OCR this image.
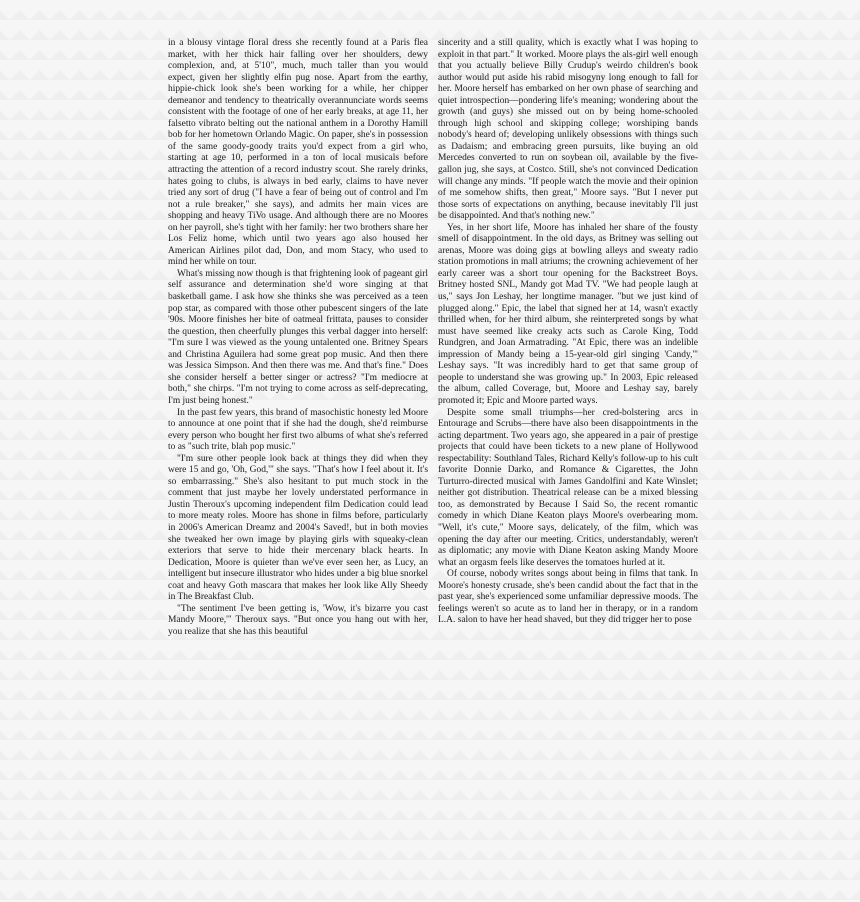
in a blousy vintage floral dress she recently found at a Paris flea market, with her thick hair falling over her shoulders, dewy complexion, and, at 5'10", much, much taller than you would expect, given her slightly elfin pug nose. Apart from the earthy, hippie-chick look she's been working for a while, her chipper demeanor and tendency to theatrically overannunciate words seems consistent with the footage of one of her early breaks, at age 11, her falsetto vibrato belting out the national anthem in a Dorothy Hamill bob for her hometown Orlando Magic. On paper, she's in possession of the same goody-goody traits you'd expect from a girl who, starting at age 10, performed in a ton of local musicals before attracting the attention of a record industry scout. She rarely drinks, hates going to clubs, is always in bed early, claims to have never tried any sort of drug ("I have a fear of being out of control and I'm not a rule breaker," she says), and admits her main vices are shopping and heavy TiVo usage. And although there are no Moores on her payroll, she's tight with her family: her two brothers share her Los Feliz home, which until two years ago also housed her American Airlines pilot dad, Don, and mom Stacy, who used to mind her while on tour.

What's missing now though is that frightening look of pageant girl self assurance and determination she'd wore singing at that basketball game. I ask how she thinks she was perceived as a teen pop star, as compared with those other pubescent singers of the late '90s. Moore finishes her bite of oatmeal frittata, pauses to consider the question, then cheerfully plunges this verbal dagger into herself: "I'm sure I was viewed as the young untalented one. Britney Spears and Christina Aguilera had some great pop music. And then there was Jessica Simpson. And then there was me. And that's fine." Does she consider herself a better singer or actress? "I'm mediocre at both," she chirps. "I'm not trying to come across as self-deprecating, I'm just being honest."

In the past few years, this brand of masochistic honesty led Moore to announce at one point that if she had the dough, she'd reimburse every person who bought her first two albums of what she's referred to as "such trite, blah pop music."

"I'm sure other people look back at things they did when they were 15 and go, 'Oh, God,'" she says. "That's how I feel about it. It's so embarrassing." She's also hesitant to put much stock in the comment that just maybe her lovely understated performance in Justin Theroux's upcoming independent film Dedication could lead to more meaty roles. Moore has shone in films before, particularly in 2006's American Dreamz and 2004's Saved!, but in both movies she tweaked her own image by playing girls with squeaky-clean exteriors that serve to hide their mercenary black hearts. In Dedication, Moore is quieter than we've ever seen her, as Lucy, an intelligent but insecure illustrator who hides under a big blue snorkel coat and heavy Goth mascara that makes her look like Ally Sheedy in The Breakfast Club.

"The sentiment I've been getting is, 'Wow, it's bizarre you cast Mandy Moore,'" Theroux says. "But once you hang out with her, you realize that she has this beautiful

sincerity and a still quality, which is exactly what I was hoping to exploit in that part." It worked. Moore plays the als-girl well enough that you actually believe Billy Crudup's weirdo children's book author would put aside his rabid misogyny long enough to fall for her. Moore herself has embarked on her own phase of searching and quiet introspection—pondering life's meaning; wondering about the growth (and guys) she missed out on by being home-schooled through high school and skipping college; worshiping bands nobody's heard of; developing unlikely obsessions with things such as Dadaism; and embracing green pursuits, like buying an old Mercedes converted to run on soybean oil, available by the five-gallon jug, she says, at Costco. Still, she's not convinced Dedication will change any minds. "If people watch the movie and their opinion of me somehow shifts, then great," Moore says. "But I never put those sorts of expectations on anything, because inevitably I'll just be disappointed. And that's nothing new."

Yes, in her short life, Moore has inhaled her share of the fousty smell of disappointment. In the old days, as Britney was selling out arenas, Moore was doing gigs at bowling alleys and sweaty radio station promotions in mall atriums; the crowning achievement of her early career was a short tour opening for the Backstreet Boys. Britney hosted SNL, Mandy got Mad TV. "We had people laugh at us," says Jon Leshay, her longtime manager. "but we just kind of plugged along." Epic, the label that signed her at 14, wasn't exactly thrilled when, for her third album, she reinterpreted songs by what must have seemed like creaky acts such as Carole King, Todd Rundgren, and Joan Armatrading. "At Epic, there was an indelible impression of Mandy being a 15-year-old girl singing 'Candy,'" Leshay says. "It was incredibly hard to get that same group of people to understand she was growing up." In 2003, Epic released the album, called Coverage, but, Moore and Leshay say, barely promoted it; Epic and Moore parted ways.

Despite some small triumphs—her cred-bolstering arcs in Entourage and Scrubs—there have also been disappointments in the acting department. Two years ago, she appeared in a pair of prestige projects that could have been tickets to a new plane of Hollywood respectability: Southland Tales, Richard Kelly's follow-up to his cult favorite Donnie Darko, and Romance & Cigarettes, the John Turturro-directed musical with James Gandolfini and Kate Winslet; neither got distribution. Theatrical release can be a mixed blessing too, as demonstrated by Because I Said So, the recent romantic comedy in which Diane Keaton plays Moore's overbearing mom. "Well, it's cute," Moore says, delicately, of the film, which was opening the day after our meeting. Critics, understandably, weren't as diplomatic; any movie with Diane Keaton asking Mandy Moore what an orgasm feels like deserves the tomatoes hurled at it.

Of course, nobody writes songs about being in films that tank. In Moore's honesty crusade, she's been candid about the fact that in the past year, she's experienced some unfamiliar depressive moods. The feelings weren't so acute as to land her in therapy, or in a random L.A. salon to have her head shaved, but they did trigger her to pose
